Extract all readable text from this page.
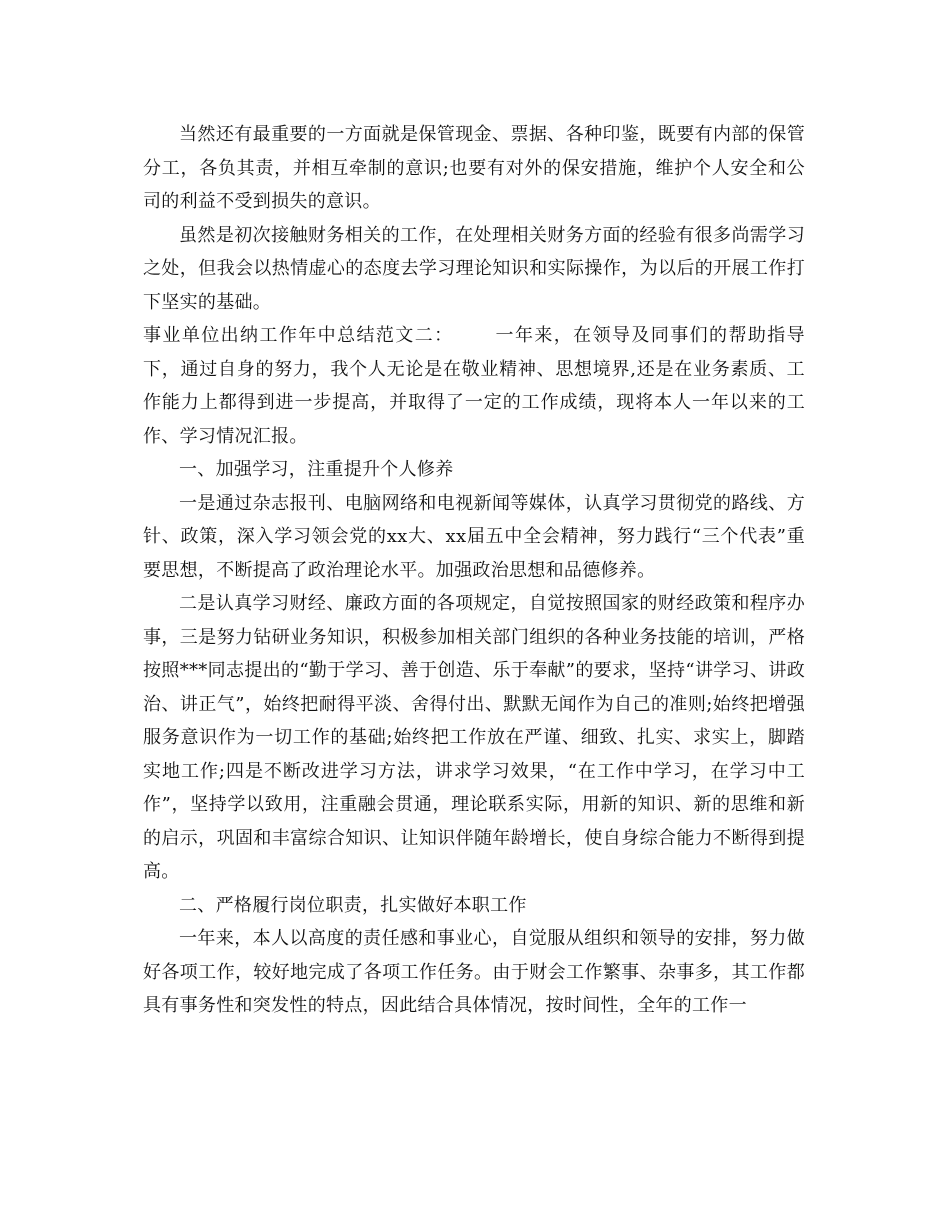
当然还有最重要的一方面就是保管现金、票据、各种印鉴，既要有内部的保管分工，各负其责，并相互牵制的意识;也要有对外的保安措施，维护个人安全和公司的利益不受到损失的意识。

虽然是初次接触财务相关的工作，在处理相关财务方面的经验有很多尚需学习之处，但我会以热情虚心的态度去学习理论知识和实际操作，为以后的开展工作打下坚实的基础。

事业单位出纳工作年中总结范文二： 一年来，在领导及同事们的帮助指导下，通过自身的努力，我个人无论是在敬业精神、思想境界,还是在业务素质、工作能力上都得到进一步提高，并取得了一定的工作成绩，现将本人一年以来的工作、学习情况汇报。

一、加强学习，注重提升个人修养

一是通过杂志报刊、电脑网络和电视新闻等媒体，认真学习贯彻党的路线、方针、政策，深入学习领会党的xx大、xx届五中全会精神，努力践行“三个代表”重要思想，不断提高了政治理论水平。加强政治思想和品德修养。

二是认真学习财经、廉政方面的各项规定，自觉按照国家的财经政策和程序办事，三是努力钻研业务知识，积极参加相关部门组织的各种业务技能的培训，严格按照***同志提出的“勤于学习、善于创造、乐于奉献”的要求，坚持“讲学习、讲政治、讲正气”，始终把耐得平淡、舍得付出、默默无闻作为自己的准则;始终把增强服务意识作为一切工作的基础;始终把工作放在严谨、细致、扎实、求实上，脚踏实地工作;四是不断改进学习方法，讲求学习效果，“在工作中学习，在学习中工作”，坚持学以致用，注重融会贯通，理论联系实际，用新的知识、新的思维和新的启示，巩固和丰富综合知识、让知识伴随年龄增长，使自身综合能力不断得到提高。

二、严格履行岗位职责，扎实做好本职工作

一年来，本人以高度的责任感和事业心，自觉服从组织和领导的安排，努力做好各项工作，较好地完成了各项工作任务。由于财会工作繁事、杂事多，其工作都具有事务性和突发性的特点，因此结合具体情况，按时间性，全年的工作一
